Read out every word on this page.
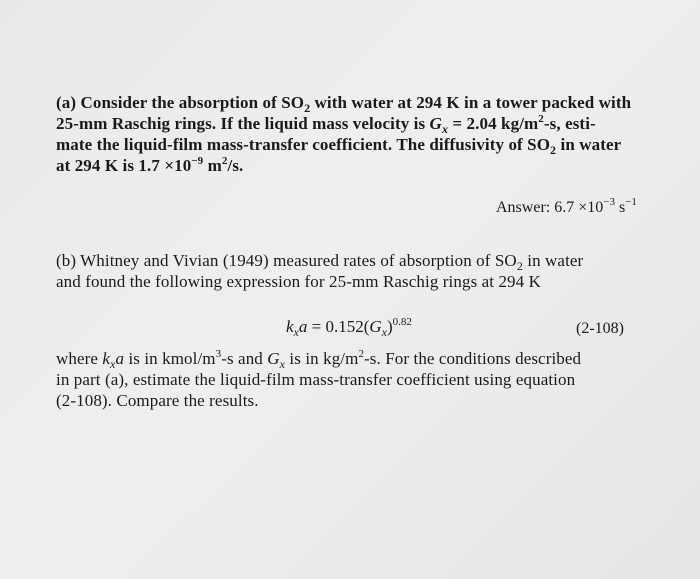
(a) Consider the absorption of $SO_2$ with water at 294 K in a tower packed with
25-mm Raschig rings. If the liquid mass velocity is $G_x = 2.04$ $kg/m^2-s$, esti-
mate the liquid-film mass-transfer coefficient. The diffusivity of $SO_2$ in water
at 294 K is $1.7 \times 10^{-9}$ $m^2/s$.
Answer: $6.7 \times 10^{-3}$ $s^{-1}$
(b) Whitney and Vivian (1949) measured rates of absorption of $SO_2$ in water
and found the following expression for 25-mm Raschig rings at 294 K
$k_xa = 0.152(G_x)^{0.82}$	(2-108)
where $k_xa$ is in kmol/$m^3-s$ and $G_x$ is in $kg/m^2-s$. For the conditions described
in part (a), estimate the liquid-film mass-transfer coefficient using equation
(2-108). Compare the results.
